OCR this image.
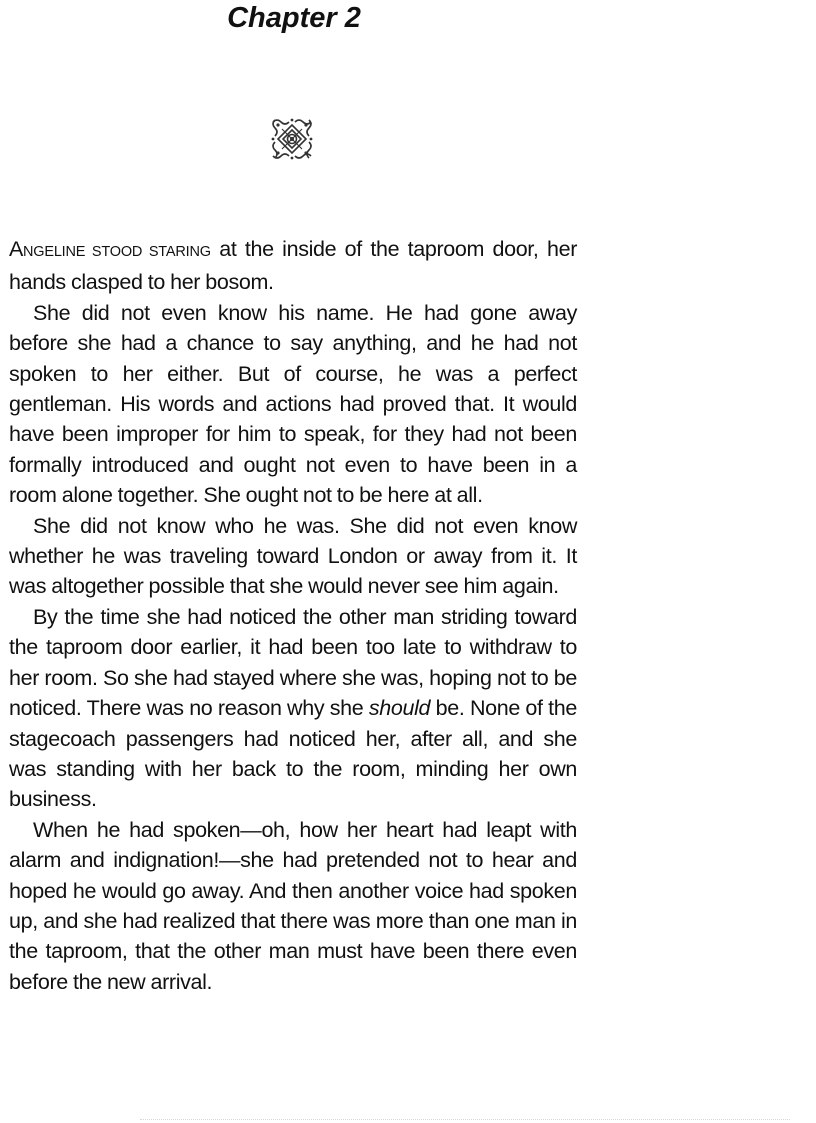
Chapter 2

ANGELINE STOOD STARING at the inside of the taproom door, her hands clasped to her bosom.

She did not even know his name. He had gone away before she had a chance to say anything, and he had not spoken to her either. But of course, he was a perfect gentleman. His words and actions had proved that. It would have been improper for him to speak, for they had not been formally introduced and ought not even to have been in a room alone together. She ought not to be here at all.

She did not know who he was. She did not even know whether he was traveling toward London or away from it. It was altogether possible that she would never see him again.

By the time she had noticed the other man striding toward the taproom door earlier, it had been too late to withdraw to her room. So she had stayed where she was, hoping not to be noticed. There was no reason why she should be. None of the stagecoach passengers had noticed her, after all, and she was standing with her back to the room, minding her own business.

When he had spoken—oh, how her heart had leapt with alarm and indignation!—she had pretended not to hear and hoped he would go away. And then another voice had spoken up, and she had realized that there was more than one man in the taproom, that the other man must have been there even before the new arrival.
